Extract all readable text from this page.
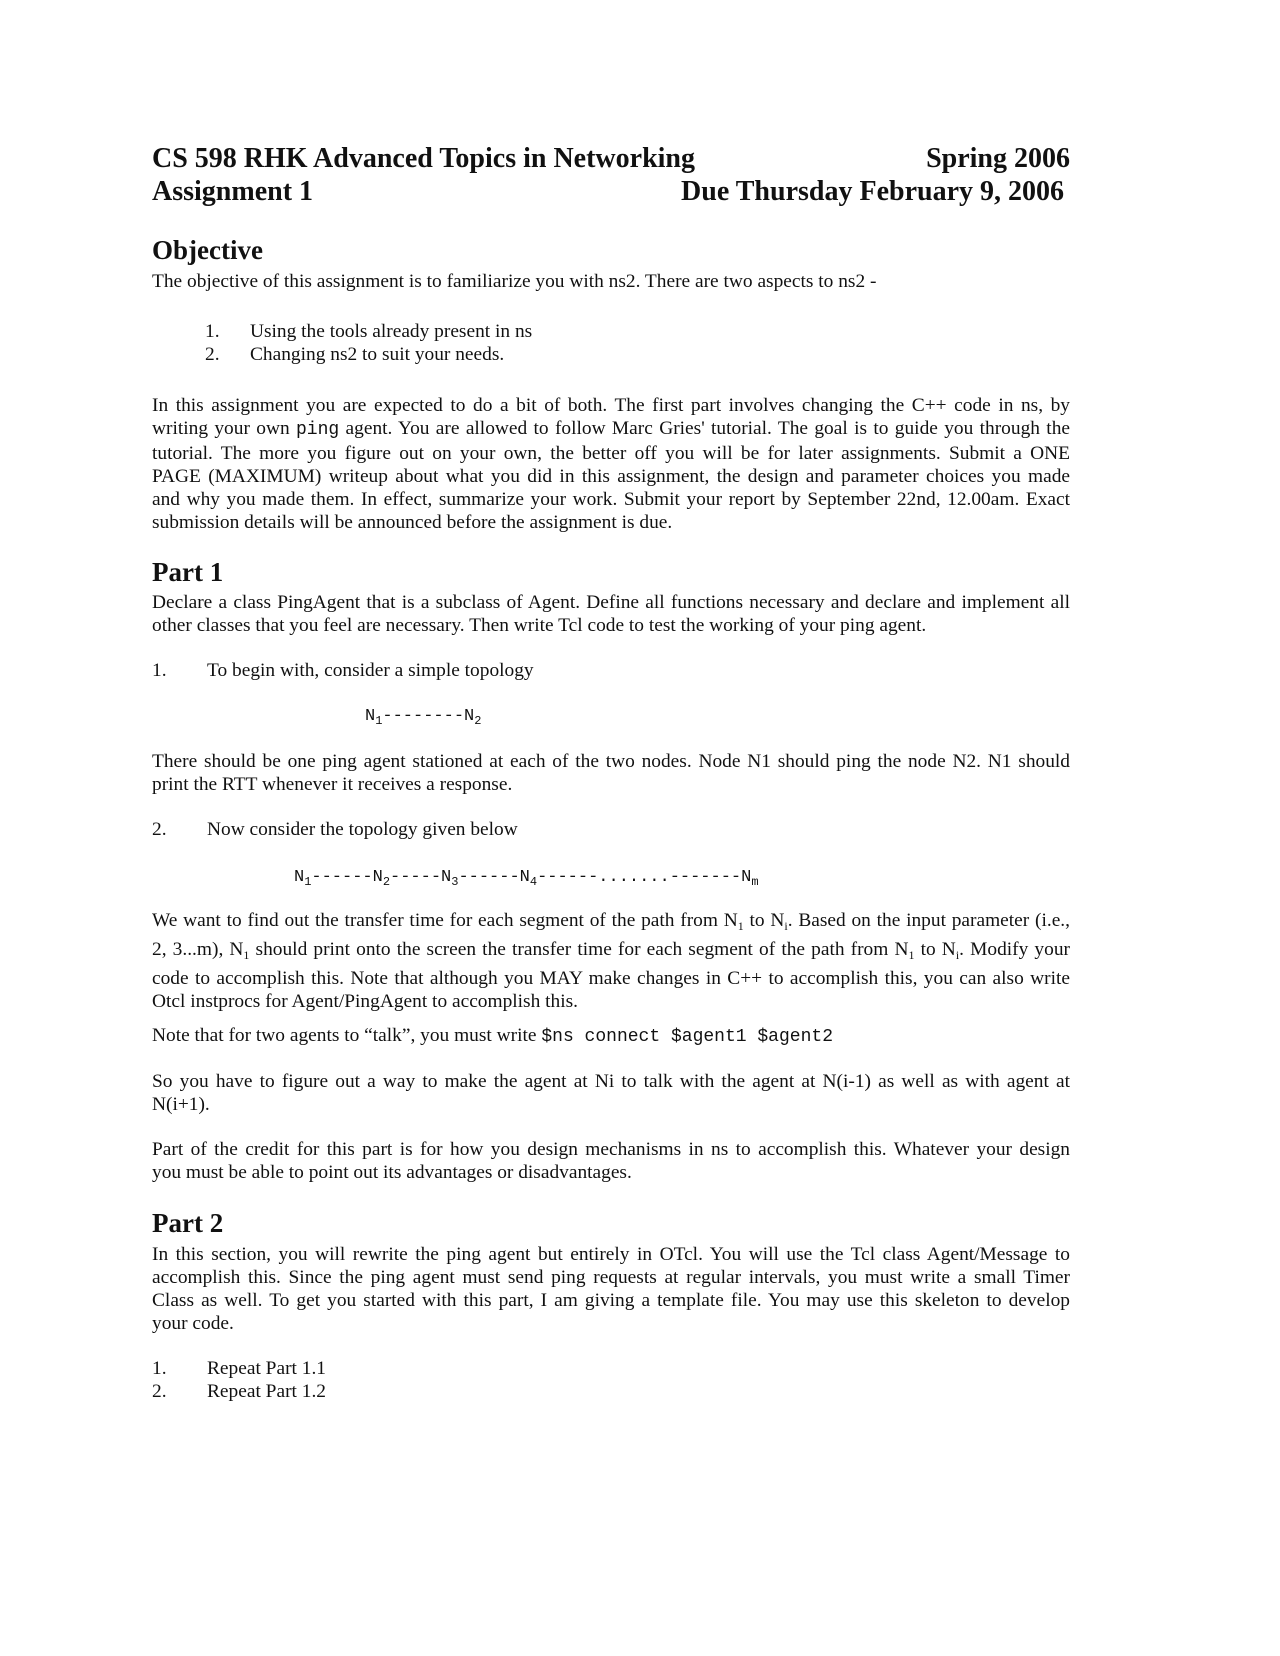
CS 598 RHK Advanced Topics in Networking	Spring 2006
Assignment 1	Due Thursday February 9, 2006
Objective
The objective of this assignment is to familiarize you with ns2. There are two aspects to ns2 -
1.	Using the tools already present in ns
2.	Changing ns2 to suit your needs.
In this assignment you are expected to do a bit of both. The first part involves changing the C++ code in ns, by
writing your own ping agent. You are allowed to follow Marc Gries' tutorial. The goal is to guide you through the
tutorial. The more you figure out on your own, the better off you will be for later assignments. Submit a ONE
PAGE (MAXIMUM) writeup about what you did in this assignment, the design and parameter choices you made
and why you made them. In effect, summarize your work. Submit your report by September 22nd, 12.00am. Exact
submission details will be announced before the assignment is due.
Part 1
Declare a class PingAgent that is a subclass of Agent. Define all functions necessary and declare and implement all
other classes that you feel are necessary. Then write Tcl code to test the working of your ping agent.
1.	To begin with, consider a simple topology
$N_1--------N_2$
There should be one ping agent stationed at each of the two nodes. Node N1 should ping the node N2. N1 should
print the RTT whenever it receives a response.
2.	Now consider the topology given below
$N_1------N_2-----N_3------N_4------.......-------N_m$
We want to find out the transfer time for each segment of the path from $N_1$ to $N_i$. Based on the input parameter (i.e.,
2, 3...m), $N_1$ should print onto the screen the transfer time for each segment of the path from $N_1$ to $N_i$. Modify your
code to accomplish this. Note that although you MAY make changes in C++ to accomplish this, you can also write
Otcl instprocs for Agent/PingAgent to accomplish this.
Note that for two agents to “talk”, you must write $ns connect $agent1 $agent2
So you have to figure out a way to make the agent at Ni to talk with the agent at N(i-1) as well as with agent at
N(i+1).
Part of the credit for this part is for how you design mechanisms in ns to accomplish this. Whatever your design
you must be able to point out its advantages or disadvantages.
Part 2
In this section, you will rewrite the ping agent but entirely in OTcl. You will use the Tcl class Agent/Message to
accomplish this. Since the ping agent must send ping requests at regular intervals, you must write a small Timer
Class as well. To get you started with this part, I am giving a template file. You may use this skeleton to develop
your code.
1.	Repeat Part 1.1
2.	Repeat Part 1.2
